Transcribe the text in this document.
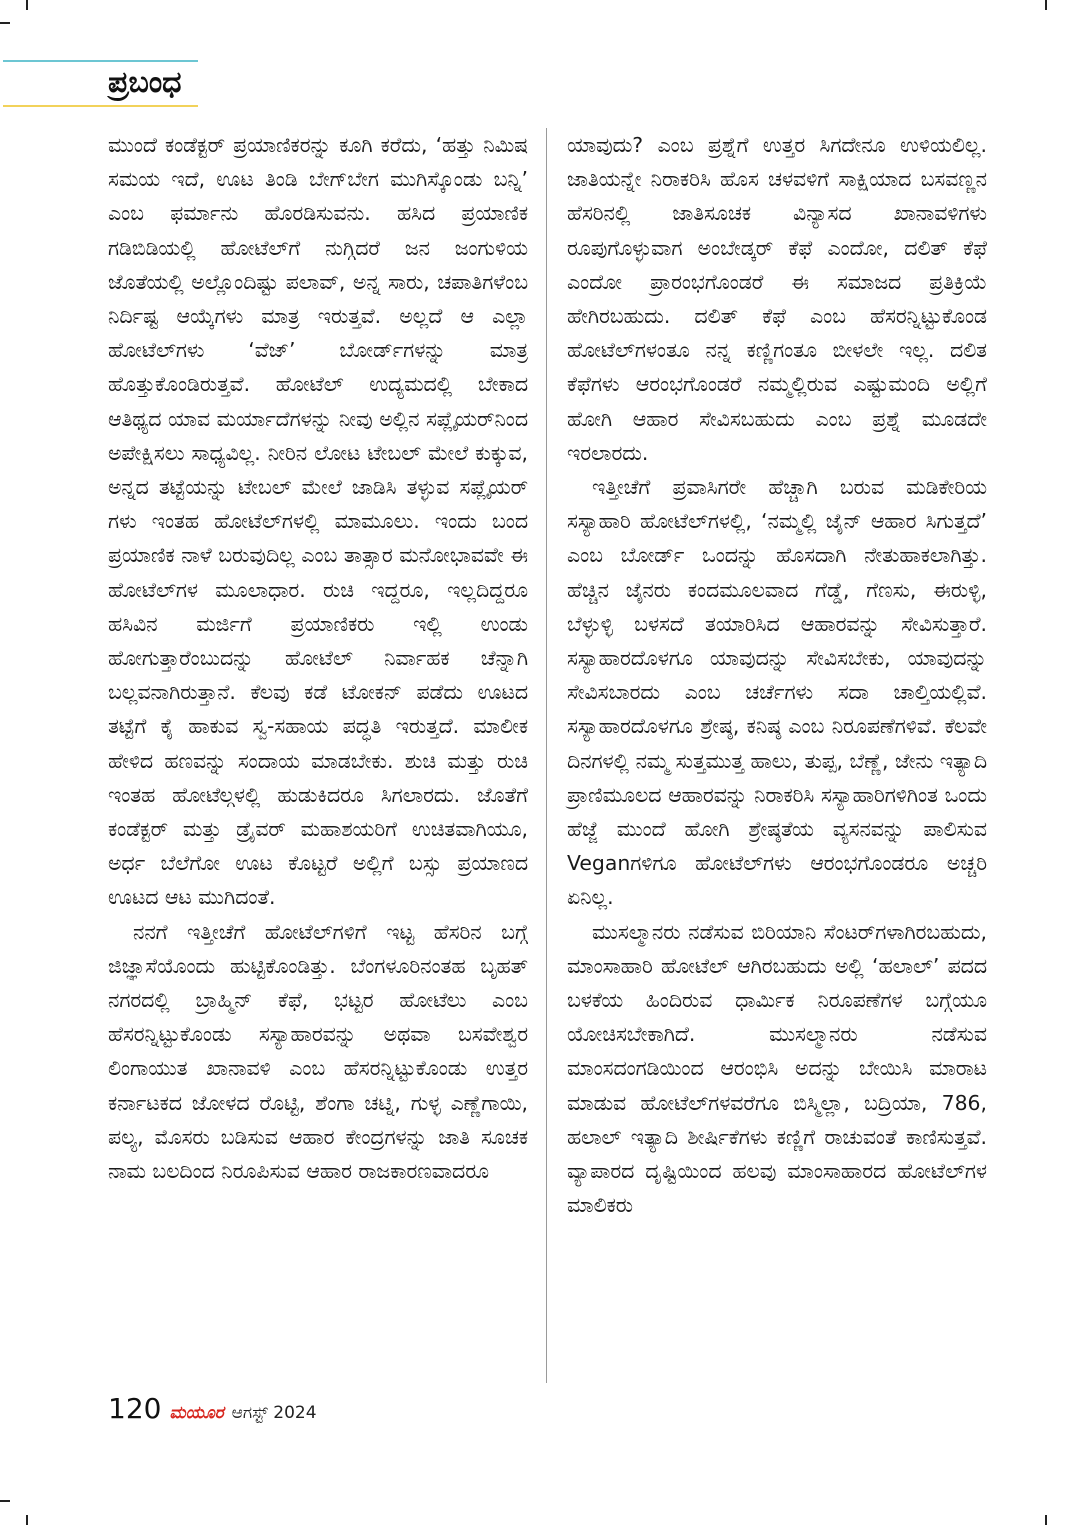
ಪ್ರಬಂಧ

ಮುಂದೆ ಕಂಡೆಕ್ಟರ್ ಪ್ರಯಾಣಿಕರನ್ನು ಕೂಗಿ ಕರೆದು, ‘ಹತ್ತು ನಿಮಿಷ ಸಮಯ ಇದೆ, ಊಟ ತಿಂಡಿ ಬೇಗ್‌ಬೇಗ ಮುಗಿಸ್ಕೊಂಡು ಬನ್ನಿ’ ಎಂಬ ಫರ್ಮಾನು ಹೊರಡಿಸುವನು. ಹಸಿದ ಪ್ರಯಾಣಿಕ ಗಡಿಬಿಡಿಯಲ್ಲಿ ಹೋಟೆಲ್‌ಗೆ ನುಗ್ಗಿದರೆ ಜನ ಜಂಗುಳಿಯ ಜೊತೆಯಲ್ಲಿ ಅಲ್ಲೊಂದಿಷ್ಟು ಪಲಾವ್, ಅನ್ನ ಸಾರು, ಚಪಾತಿಗಳೆಂಬ ನಿರ್ದಿಷ್ಟ ಆಯ್ಕೆಗಳು ಮಾತ್ರ ಇರುತ್ತವೆ. ಅಲ್ಲದೆ ಆ ಎಲ್ಲಾ ಹೋಟೆಲ್‌ಗಳು ‘ವೆಜ್’ ಬೋರ್ಡ್‌ಗಳನ್ನು ಮಾತ್ರ ಹೊತ್ತುಕೊಂಡಿರುತ್ತವೆ. ಹೋಟೆಲ್ ಉದ್ಯಮದಲ್ಲಿ ಬೇಕಾದ ಆತಿಥ್ಯದ ಯಾವ ಮರ್ಯಾದೆಗಳನ್ನು ನೀವು ಅಲ್ಲಿನ ಸಪ್ಲೈಯರ್‌ನಿಂದ ಅಪೇಕ್ಷಿಸಲು ಸಾಧ್ಯವಿಲ್ಲ. ನೀರಿನ ಲೋಟ ಟೇಬಲ್ ಮೇಲೆ ಕುಕ್ಕುವ, ಅನ್ನದ ತಟ್ಟೆಯನ್ನು ಟೇಬಲ್ ಮೇಲೆ ಜಾಡಿಸಿ ತಳ್ಳುವ ಸಪ್ಲೈಯರ್ ಗಳು ಇಂತಹ ಹೋಟೆಲ್‌ಗಳಲ್ಲಿ ಮಾಮೂಲು. ಇಂದು ಬಂದ ಪ್ರಯಾಣಿಕ ನಾಳೆ ಬರುವುದಿಲ್ಲ ಎಂಬ ತಾತ್ಸಾರ ಮನೋಭಾವವೇ ಈ ಹೋಟೆಲ್‌ಗಳ ಮೂಲಾಧಾರ. ರುಚಿ ಇದ್ದರೂ, ಇಲ್ಲದಿದ್ದರೂ ಹಸಿವಿನ ಮರ್ಜಿಗೆ ಪ್ರಯಾಣಿಕರು ಇಲ್ಲಿ ಉಂಡು ಹೋಗುತ್ತಾರೆಂಬುದನ್ನು ಹೋಟೆಲ್ ನಿರ್ವಾಹಕ ಚೆನ್ನಾಗಿ ಬಲ್ಲವನಾಗಿರುತ್ತಾನೆ. ಕೆಲವು ಕಡೆ ಟೋಕನ್ ಪಡೆದು ಊಟದ ತಟ್ಟೆಗೆ ಕೈ ಹಾಕುವ ಸ್ವ-ಸಹಾಯ ಪದ್ಧತಿ ಇರುತ್ತದೆ. ಮಾಲೀಕ ಹೇಳಿದ ಹಣವನ್ನು ಸಂದಾಯ ಮಾಡಬೇಕು. ಶುಚಿ ಮತ್ತು ರುಚಿ ಇಂತಹ ಹೋಟೆಲ್ಗಳಲ್ಲಿ ಹುಡುಕಿದರೂ ಸಿಗಲಾರದು. ಜೊತೆಗೆ ಕಂಡೆಕ್ಟರ್ ಮತ್ತು ಡ್ರೈವರ್ ಮಹಾಶಯರಿಗೆ ಉಚಿತವಾಗಿಯೂ, ಅರ್ಧ ಬೆಲೆಗೋ ಊಟ ಕೊಟ್ಟರೆ ಅಲ್ಲಿಗೆ ಬಸ್ಸು ಪ್ರಯಾಣದ ಊಟದ ಆಟ ಮುಗಿದಂತೆ.

ನನಗೆ ಇತ್ತೀಚೆಗೆ ಹೋಟೆಲ್‌ಗಳಿಗೆ ಇಟ್ಟ ಹೆಸರಿನ ಬಗ್ಗೆ ಜಿಜ್ಞಾಸೆಯೊಂದು ಹುಟ್ಟಿಕೊಂಡಿತ್ತು. ಬೆಂಗಳೂರಿನಂತಹ ಬೃಹತ್ ನಗರದಲ್ಲಿ ಬ್ರಾಹ್ಮಿನ್ ಕೆಫೆ, ಭಟ್ಟರ ಹೋಟೆಲು ಎಂಬ ಹೆಸರನ್ನಿಟ್ಟುಕೊಂಡು ಸಸ್ಯಾಹಾರವನ್ನು ಅಥವಾ ಬಸವೇಶ್ವರ ಲಿಂಗಾಯುತ ಖಾನಾವಳಿ ಎಂಬ ಹೆಸರನ್ನಿಟ್ಟುಕೊಂಡು ಉತ್ತರ ಕರ್ನಾಟಕದ ಜೋಳದ ರೊಟ್ಟಿ, ಶೆಂಗಾ ಚಟ್ನಿ, ಗುಳ್ಳ ಎಣ್ಣೆಗಾಯಿ, ಪಲ್ಯ, ಮೊಸರು ಬಡಿಸುವ ಆಹಾರ ಕೇಂದ್ರಗಳನ್ನು ಜಾತಿ ಸೂಚಕ ನಾಮ ಬಲದಿಂದ ನಿರೂಪಿಸುವ ಆಹಾರ ರಾಜಕಾರಣವಾದರೂ

ಯಾವುದು? ಎಂಬ ಪ್ರಶ್ನೆಗೆ ಉತ್ತರ ಸಿಗದೇನೂ ಉಳಿಯಲಿಲ್ಲ. ಜಾತಿಯನ್ನೇ ನಿರಾಕರಿಸಿ ಹೊಸ ಚಳವಳಿಗೆ ಸಾಕ್ಷಿಯಾದ ಬಸವಣ್ಣನ ಹೆಸರಿನಲ್ಲಿ ಜಾತಿಸೂಚಕ ವಿನ್ಯಾಸದ ಖಾನಾವಳಿಗಳು ರೂಪುಗೊಳ್ಳುವಾಗ ಅಂಬೇಡ್ಕರ್ ಕೆಫೆ ಎಂದೋ, ದಲಿತ್ ಕೆಫೆ ಎಂದೋ ಪ್ರಾರಂಭಗೊಂಡರೆ ಈ ಸಮಾಜದ ಪ್ರತಿಕ್ರಿಯೆ ಹೇಗಿರಬಹುದು. ದಲಿತ್ ಕೆಫೆ ಎಂಬ ಹೆಸರನ್ನಿಟ್ಟುಕೊಂಡ ಹೋಟೆಲ್‌ಗಳಂತೂ ನನ್ನ ಕಣ್ಣಿಗಂತೂ ಬೀಳಲೇ ಇಲ್ಲ. ದಲಿತ ಕೆಫೆಗಳು ಆರಂಭಗೊಂಡರೆ ನಮ್ಮಲ್ಲಿರುವ ಎಷ್ಟುಮಂದಿ ಅಲ್ಲಿಗೆ ಹೋಗಿ ಆಹಾರ ಸೇವಿಸಬಹುದು ಎಂಬ ಪ್ರಶ್ನೆ ಮೂಡದೇ ಇರಲಾರದು.

ಇತ್ತೀಚೆಗೆ ಪ್ರವಾಸಿಗರೇ ಹೆಚ್ಚಾಗಿ ಬರುವ ಮಡಿಕೇರಿಯ ಸಸ್ಯಾಹಾರಿ ಹೋಟೆಲ್‌ಗಳಲ್ಲಿ, ‘ನಮ್ಮಲ್ಲಿ ಜೈನ್ ಆಹಾರ ಸಿಗುತ್ತದೆ’ ಎಂಬ ಬೋರ್ಡ್ ಒಂದನ್ನು ಹೊಸದಾಗಿ ನೇತುಹಾಕಲಾಗಿತ್ತು. ಹೆಚ್ಚಿನ ಜೈನರು ಕಂದಮೂಲವಾದ ಗೆಡ್ಡೆ, ಗೆಣಸು, ಈರುಳ್ಳಿ, ಬೆಳ್ಳುಳ್ಳಿ ಬಳಸದೆ ತಯಾರಿಸಿದ ಆಹಾರವನ್ನು ಸೇವಿಸುತ್ತಾರೆ. ಸಸ್ಯಾಹಾರದೊಳಗೂ ಯಾವುದನ್ನು ಸೇವಿಸಬೇಕು, ಯಾವುದನ್ನು ಸೇವಿಸಬಾರದು ಎಂಬ ಚರ್ಚೆಗಳು ಸದಾ ಚಾಲ್ತಿಯಲ್ಲಿವೆ. ಸಸ್ಯಾಹಾರದೊಳಗೂ ಶ್ರೇಷ್ಠ, ಕನಿಷ್ಠ ಎಂಬ ನಿರೂಪಣೆಗಳಿವೆ. ಕೆಲವೇ ದಿನಗಳಲ್ಲಿ ನಮ್ಮ ಸುತ್ತಮುತ್ತ ಹಾಲು, ತುಪ್ಪ, ಬೆಣ್ಣೆ, ಜೇನು ಇತ್ಯಾದಿ ಪ್ರಾಣಿಮೂಲದ ಆಹಾರವನ್ನು ನಿರಾಕರಿಸಿ ಸಸ್ಯಾಹಾರಿಗಳಿಗಿಂತ ಒಂದು ಹೆಜ್ಜೆ ಮುಂದೆ ಹೋಗಿ ಶ್ರೇಷ್ಠತೆಯ ವ್ಯಸನವನ್ನು ಪಾಲಿಸುವ Veganಗಳಿಗೂ ಹೋಟೆಲ್‌ಗಳು ಆರಂಭಗೊಂಡರೂ ಅಚ್ಚರಿ ಏನಿಲ್ಲ.

ಮುಸಲ್ಮಾನರು ನಡೆಸುವ ಬಿರಿಯಾನಿ ಸೆಂಟರ್‌ಗಳಾಗಿರಬಹುದು, ಮಾಂಸಾಹಾರಿ ಹೋಟೆಲ್ ಆಗಿರಬಹುದು ಅಲ್ಲಿ ‘ಹಲಾಲ್’ ಪದದ ಬಳಕೆಯ ಹಿಂದಿರುವ ಧಾರ್ಮಿಕ ನಿರೂಪಣೆಗಳ ಬಗ್ಗೆಯೂ ಯೋಚಿಸಬೇಕಾಗಿದೆ. ಮುಸಲ್ಮಾನರು ನಡೆಸುವ ಮಾಂಸದಂಗಡಿಯಿಂದ ಆರಂಭಿಸಿ ಅದನ್ನು ಬೇಯಿಸಿ ಮಾರಾಟ ಮಾಡುವ ಹೋಟೆಲ್‌ಗಳವರೆಗೂ ಬಿಸ್ಮಿಲ್ಲಾ, ಬದ್ರಿಯಾ, 786, ಹಲಾಲ್ ಇತ್ಯಾದಿ ಶೀರ್ಷಿಕೆಗಳು ಕಣ್ಣಿಗೆ ರಾಚುವಂತೆ ಕಾಣಿಸುತ್ತವೆ. ವ್ಯಾಪಾರದ ದೃಷ್ಟಿಯಿಂದ ಹಲವು ಮಾಂಸಾಹಾರದ ಹೋಟೆಲ್‌ಗಳ ಮಾಲಿಕರು

120 ಮಯೂರ ಆಗಸ್ಟ್ 2024
